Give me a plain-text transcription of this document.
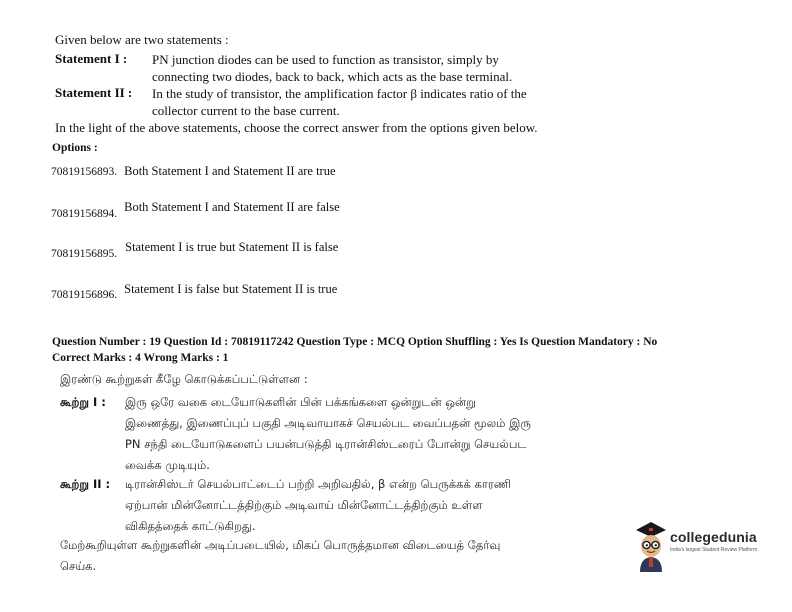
Given below are two statements :
Statement I : PN junction diodes can be used to function as transistor, simply by
connecting two diodes, back to back, which acts as the base terminal.
Statement II : In the study of transistor, the amplification factor β indicates ratio of the
collector current to the base current.
In the light of the above statements, choose the correct answer from the options given below.
Options :
70819156893. Both Statement I and Statement II are true
$_{70819156894.}$ Both Statement I and Statement II are false
$_{70819156895.}$ Statement I is true but Statement II is false
$_{70819156896.}$ Statement I is false but Statement II is true
Question Number : 19 Question Id : 70819117242 Question Type : MCQ Option Shuffling : Yes Is Question Mandatory : No
Correct Marks : 4 Wrong Marks : 1
இரண்டு கூற்றுகள் கீழே கொடுக்கப்பட்டுள்ளன :
கூற்று I : இரு ஒரே வகை டையோடுகளின் பின் பக்கங்களை ஒன்றுடன் ஒன்று
இணைத்து, இணைப்புப் பகுதி அடிவாயாகச் செயல்பட வைப்பதன் மூலம் இரு
PN சந்தி டையோடுகளைப் பயன்படுத்தி டிரான்சிஸ்டரைப் போன்று செயல்பட
வைக்க முடியும்.
கூற்று II : டிரான்சிஸ்டர் செயல்பாட்டைப் பற்றி அறிவதில், β என்ற பெருக்கக் காரணி
ஏற்பான் மின்னோட்டத்திற்கும் அடிவாய் மின்னோட்டத்திற்கும் உள்ள
விகிதத்தைக் காட்டுகிறது.
மேற்கூறியுள்ள கூற்றுகளின் அடிப்படையில், மிகப் பொருத்தமான விடையைத் தேர்வு
செய்க.
collegedunia
India's largest Student Review Platform
